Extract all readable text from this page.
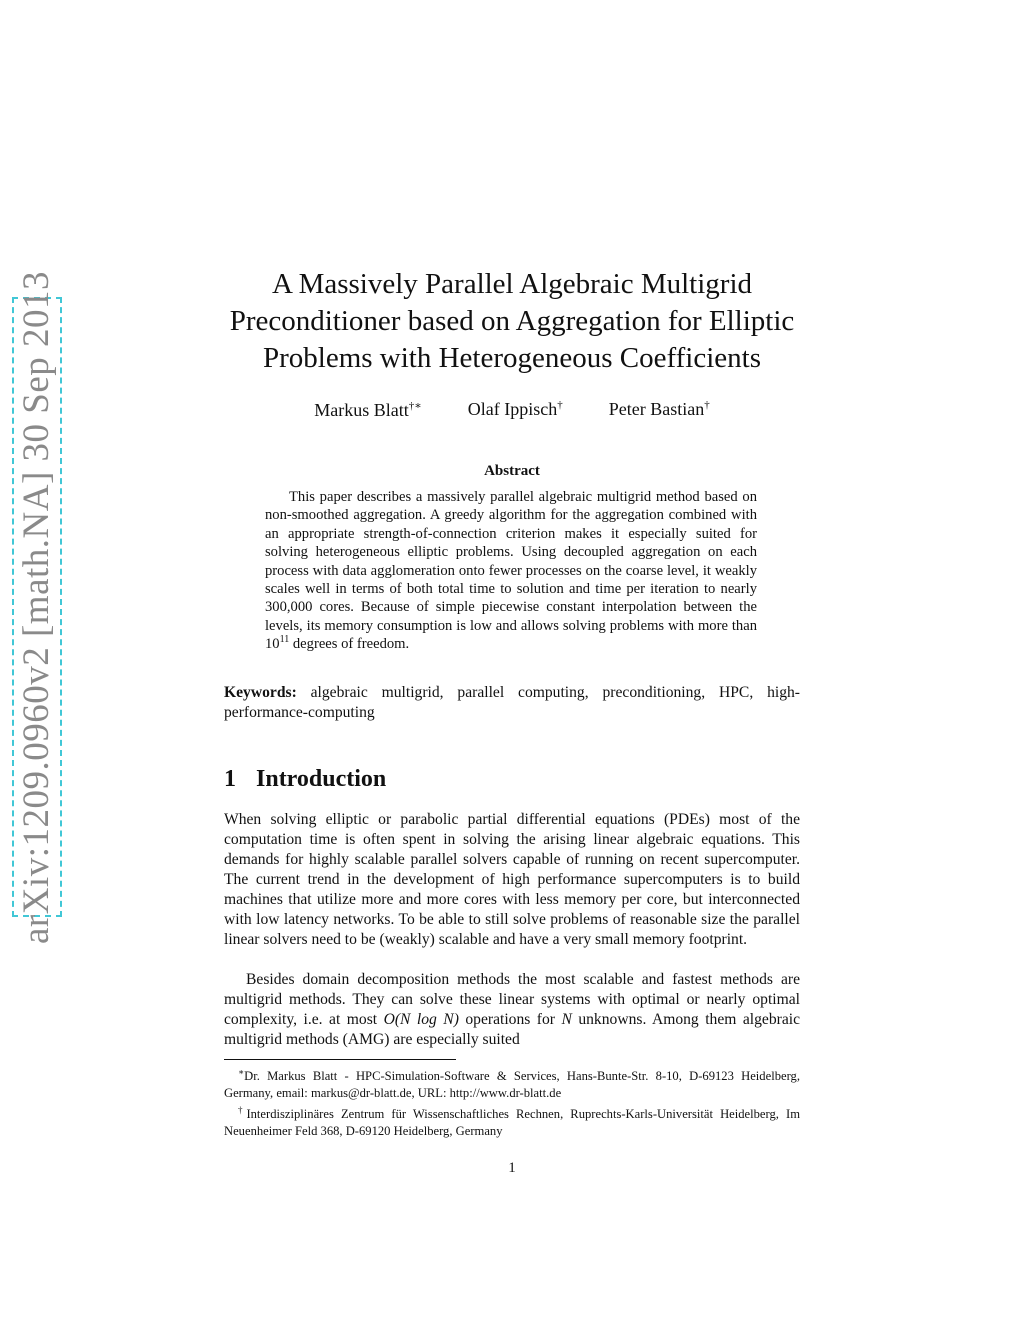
arXiv:1209.0960v2 [math.NA] 30 Sep 2013	A Massively Parallel Algebraic Multigrid
Preconditioner based on Aggregation for Elliptic
Problems with Heterogeneous Coefficients
Markus Blatt†∗	Olaf Ippisch†	Peter Bastian†
Abstract
This paper describes a massively parallel algebraic multigrid method based on non-smoothed aggregation. A greedy algorithm for the aggregation combined with an appropriate strength-of-connection criterion makes it especially suited for solving heterogeneous elliptic problems. Using decoupled aggregation on each process with data agglomeration onto fewer processes on the coarse level, it weakly scales well in terms of both total time to solution and time per iteration to nearly 300,000 cores. Because of simple piecewise constant interpolation between the levels, its memory consumption is low and allows solving problems with more than $10^{11}$ degrees of freedom.
Keywords: algebraic multigrid, parallel computing, preconditioning, HPC, high-performance-computing
1 Introduction
When solving elliptic or parabolic partial differential equations (PDEs) most of the computation time is often spent in solving the arising linear algebraic equations. This demands for highly scalable parallel solvers capable of running on recent supercomputer. The current trend in the development of high performance supercomputers is to build machines that utilize more and more cores with less memory per core, but interconnected with low latency networks. To be able to still solve problems of reasonable size the parallel linear solvers need to be (weakly) scalable and have a very small memory footprint.
Besides domain decomposition methods the most scalable and fastest methods are multigrid methods. They can solve these linear systems with optimal or nearly optimal complexity, i.e. at most O(N log N) operations for N unknowns. Among them algebraic multigrid methods (AMG) are especially suited

∗Dr. Markus Blatt - HPC-Simulation-Software & Services, Hans-Bunte-Str. 8-10, D-69123 Heidelberg, Germany, email: markus@dr-blatt.de, URL: http://www.dr-blatt.de

†Interdisziplinäres Zentrum für Wissenschaftliches Rechnen, Ruprechts-Karls-Universität Heidelberg, Im Neuenheimer Feld 368, D-69120 Heidelberg, Germany

1
